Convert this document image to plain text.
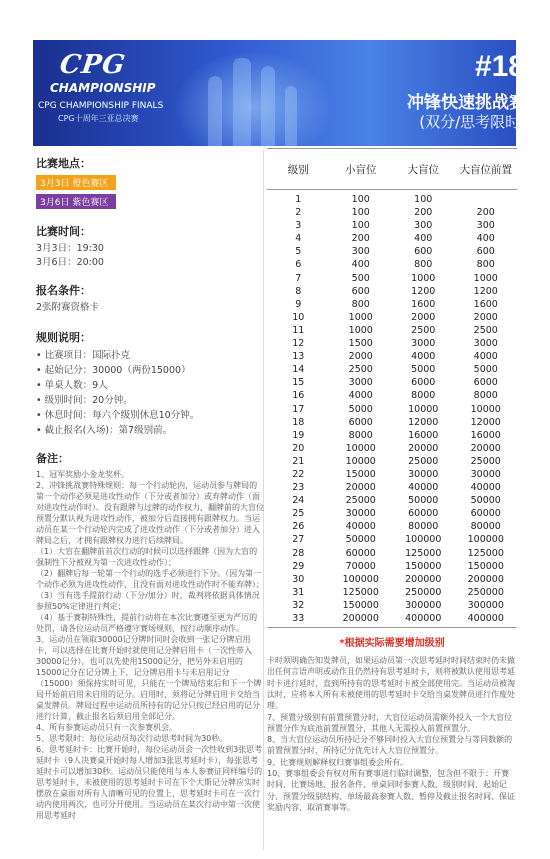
CPG
CHAMPIONSHIP
CPG CHAMPIONSHIP FINALS
CPG十周年三亚总决赛
#18
冲锋快速挑战赛
(双分/思考限时)
比赛地点：
3月3日 橙色赛区
3月6日 紫色赛区
比赛时间：
3月3日：19:30
3月6日：20:00
报名条件：
2张附赛资格卡
规则说明：
• 比赛项目：国际扑克
• 起始记分：30000（两份15000）
• 单桌人数：9人
• 级别时间：20分钟。
• 休息时间：每六个级别休息10分钟。
• 截止报名(入场)：第7级别前。
备注：

1、冠军奖励小金龙奖杯。

2、冲锋挑战赛特殊规则：每一个行动轮内，运动员参与牌局的第一个动作必须是进攻性动作（下分或者加分）或弃牌动作（面对进攻性动作时）。没有跟牌与过牌的动作权力，翻牌前的大盲位预置分默认视为进攻性动作，被加分后直接拥有跟牌权力。当运动员在某一个行动轮内完成了进攻性动作（下分或者加分）进入牌局之后，才拥有跟牌权力进行后续牌局。

（1）大盲在翻牌前首次行动的时候可以选择跟牌（因为大盲的强制性下分被视为第一次进攻性动作）；

（2）翻牌后每一轮第一个行动的选手必须进行下分。（因为第一个动作必须为进攻性动作，且没有面对进攻性动作时不能弃牌）；

（3）当有选手提前行动（下分/加分）时，裁判将依据具体情况参照50%定律进行判定；

（4）基于赛制特殊性，提前行动将在本次比赛遵至更为严厉的处罚，请各位运动员严格遵守赛场规则，按行动顺序动作。

3、运动员在领取30000记分牌时同时会收到一张记分牌启用卡，可以选择在比赛开始时就使用记分牌启用卡（一次性带入30000记分），也可以先使用15000记分，把另外未启用的15000记分在记分牌上下，记分牌启用卡与未启用记分（15000）须保持实时可见，只能在一个牌局结束后和下一个牌局开始前启用未启用的记分。启用时，须将记分牌启用卡交给当桌发牌员。牌局过程中运动员所持有的记分只按已经启用的记分进行计算，截止报名后须启用全部记分。

4、所有参赛运动员只有一次参赛机会。

5、思考限时：每位运动员每次行动思考时间为30秒。

6、思考延时卡：比赛开始时，每位运动员会一次性收到3张思考延时卡（9人决赛桌开始时每人增加3张思考延时卡），每张思考延时卡可以增加30秒。运动员只能使用与本人参赛证同样编号的思考延时卡，未被使用的思考延时卡可在下个大斯记分牌应实时摆放在桌面对所有人清晰可见的位置上，思考延时卡可在一次行动内使用两次，也可分开使用。当运动员在某次行动中第一次使用思考延时

级别	小盲位	大盲位	大盲位前置
1	100	100
2	100	200	200
3	100	300	300
4	200	400	400
5	300	600	600
6	400	800	800
7	500	1000	1000
8	600	1200	1200
9	800	1600	1600
10	1000	2000	2000
11	1000	2500	2500
12	1500	3000	3000
13	2000	4000	4000
14	2500	5000	5000
15	3000	6000	6000
16	4000	8000	8000
17	5000	10000	10000
18	6000	12000	12000
19	8000	16000	16000
20	10000	20000	20000
21	10000	25000	25000
22	15000	30000	30000
23	20000	40000	40000
24	25000	50000	50000
25	30000	60000	60000
26	40000	80000	80000
27	50000	100000	100000
28	60000	125000	125000
29	70000	150000	150000
30	100000	200000	200000
31	125000	250000	250000
32	150000	300000	300000
33	200000	400000	400000
*根据实际需要增加级别

卡时须明确告知发牌员，如果运动员第一次思考延时时间结束时仍未做出任何言语声明或动作且仍然持有思考延时卡，则将被默认使用思考延时卡进行延时，直到所持有的思考延时卡被全部使用完。当运动员被淘汰时，应将本人所有未被使用的思考延时卡交给当桌发牌员进行作废处理。

7、预置分级别有前置预置分时，大盲位运动员需额外投入一个大盲位预置分作为底池前置预置分，其他人无需投入前置预置分。

8、当大盲位运动员所持记分不够同时投入大盲位预置分与等同数额的前置预置分时，所持记分优先计入大盲位预置分。

9、比赛规则解释权归赛事组委会所有。

10、赛事组委会有权对所有赛事进行临时调整，包含但不限于：开赛时间、比赛场地、报名条件、单桌同时参赛人数、级别时间、起始记分、预置分级别结构、单场最高参赛人数、暂停及截止报名时间、保证奖励内容、取消赛事等。
